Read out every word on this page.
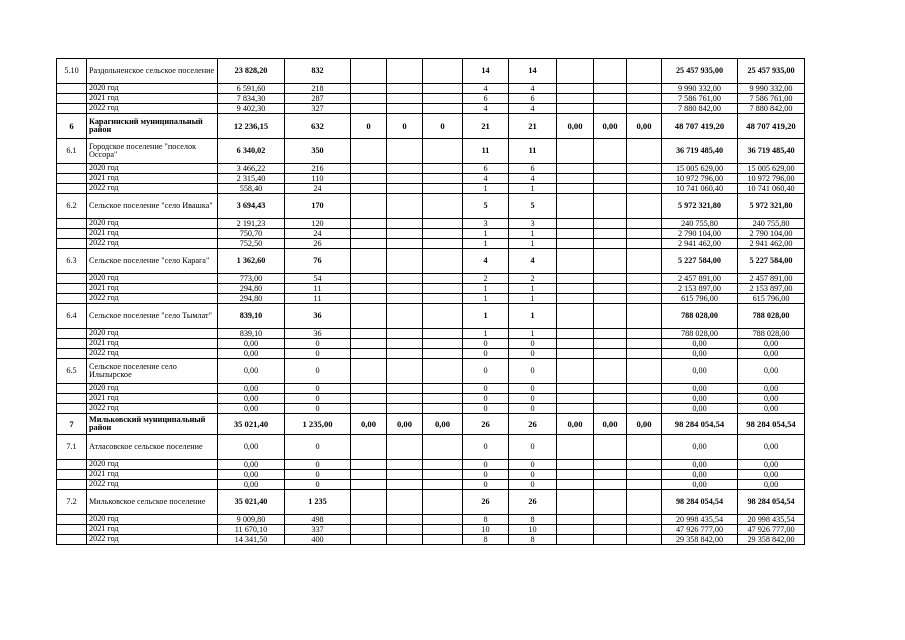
5.10	Раздольненское сельское поселение	23 828,20	832				14	14				25 457 935,00	25 457 935,00
	2020 год	6 591,60	218				4	4				9 990 332,00	9 990 332,00
	2021 год	7 834,30	287				6	6				7 586 761,00	7 586 761,00
	2022 год	9 402,30	327				4	4				7 880 842,00	7 880 842,00
6	Карагинский муниципальный район	12 236,15	632	0	0	0	21	21	0,00	0,00	0,00	48 707 419,20	48 707 419,20
6.1	Городское поселение "поселок Оссора"	6 340,02	350				11	11				36 719 485,40	36 719 485,40
	2020 год	3 466,22	216				6	6				15 005 629,00	15 005 629,00
	2021 год	2 315,40	110				4	4				10 972 796,00	10 972 796,00
	2022 год	558,40	24				1	1				10 741 060,40	10 741 060,40
6.2	Сельское поселение "село Ивашка"	3 694,43	170				5	5				5 972 321,80	5 972 321,80
	2020 год	2 191,23	120				3	3				240 755,80	240 755,80
	2021 год	750,70	24				1	1				2 790 104,00	2 790 104,00
	2022 год	752,50	26				1	1				2 941 462,00	2 941 462,00
6.3	Сельское поселение "село Карага"	1 362,60	76				4	4				5 227 584,00	5 227 584,00
	2020 год	773,00	54				2	2				2 457 891,00	2 457 891,00
	2021 год	294,80	11				1	1				2 153 897,00	2 153 897,00
	2022 год	294,80	11				1	1				615 796,00	615 796,00
6.4	Сельское поселение "село Тымлат"	839,10	36				1	1				788 028,00	788 028,00
	2020 год	839,10	36				1	1				788 028,00	788 028,00
	2021 год	0,00	0				0	0				0,00	0,00
	2022 год	0,00	0				0	0				0,00	0,00
6.5	Сельское поселение село Ильпырское	0,00	0				0	0				0,00	0,00
	2020 год	0,00	0				0	0				0,00	0,00
	2021 год	0,00	0				0	0				0,00	0,00
	2022 год	0,00	0				0	0				0,00	0,00
7	Мильковский муниципальный район	35 021,40	1 235,00	0,00	0,00	0,00	26	26	0,00	0,00	0,00	98 284 054,54	98 284 054,54
7.1	Атласовское сельское поселение	0,00	0				0	0				0,00	0,00
	2020 год	0,00	0				0	0				0,00	0,00
	2021 год	0,00	0				0	0				0,00	0,00
	2022 год	0,00	0				0	0				0,00	0,00
7.2	Мильковское сельское поселение	35 021,40	1 235				26	26				98 284 054,54	98 284 054,54
	2020 год	9 009,80	498				8	8				20 998 435,54	20 998 435,54
	2021 год	11 670,10	337				10	10				47 926 777,00	47 926 777,00
	2022 год	14 341,50	400				8	8				29 358 842,00	29 358 842,00
